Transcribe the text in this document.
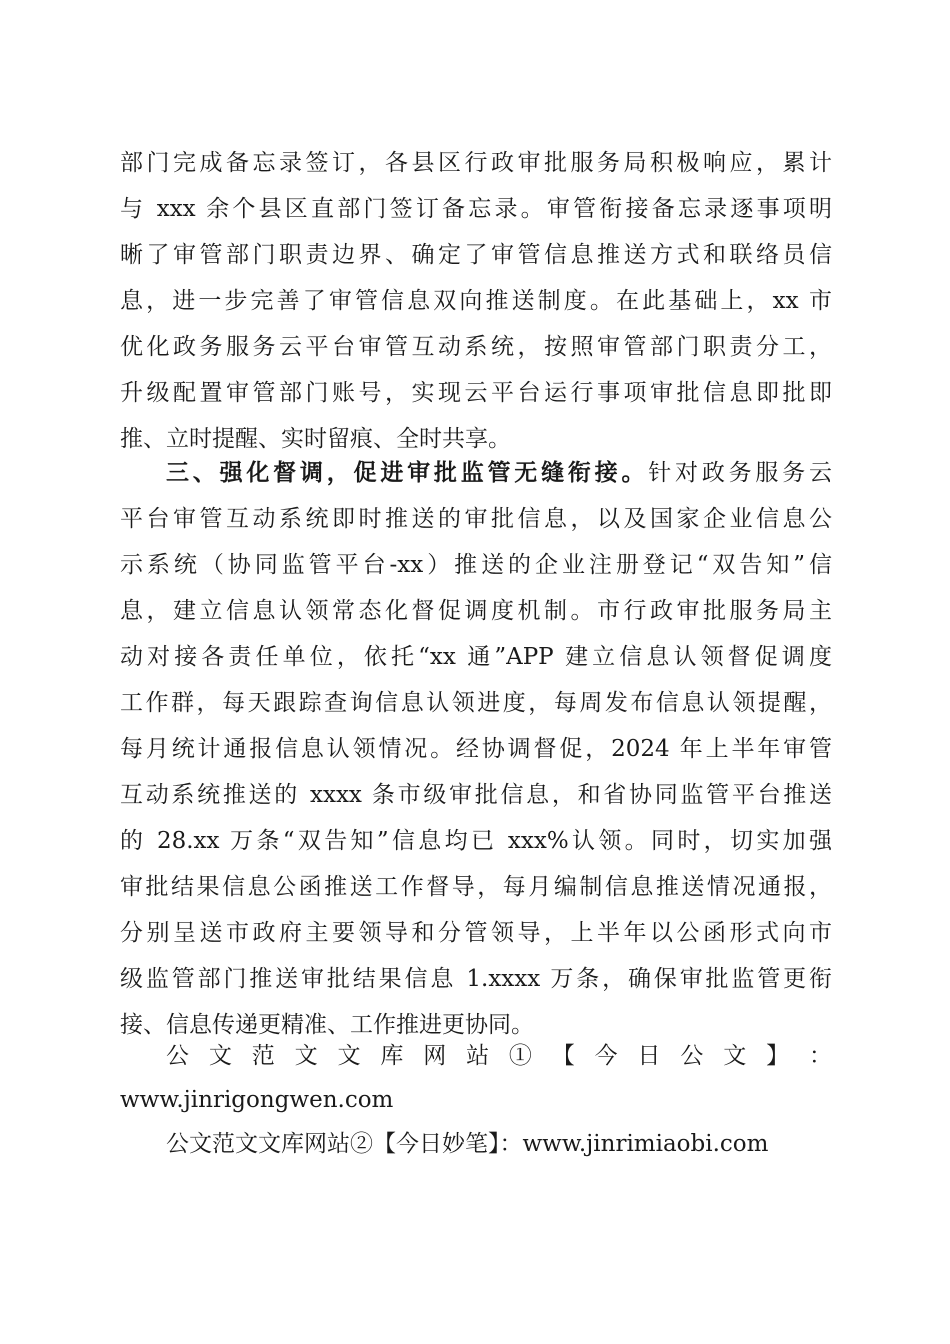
部门完成备忘录签订，各县区行政审批服务局积极响应，累计
与 xxx 余个县区直部门签订备忘录。审管衔接备忘录逐事项明
晰了审管部门职责边界、确定了审管信息推送方式和联络员信
息，进一步完善了审管信息双向推送制度。在此基础上，xx 市
优化政务服务云平台审管互动系统，按照审管部门职责分工，
升级配置审管部门账号，实现云平台运行事项审批信息即批即
推、立时提醒、实时留痕、全时共享。
三、强化督调，促进审批监管无缝衔接。针对政务服务云
平台审管互动系统即时推送的审批信息，以及国家企业信息公
示系统（协同监管平台-xx）推送的企业注册登记“双告知”信
息，建立信息认领常态化督促调度机制。市行政审批服务局主
动对接各责任单位，依托“xx 通”APP 建立信息认领督促调度
工作群，每天跟踪查询信息认领进度，每周发布信息认领提醒，
每月统计通报信息认领情况。经协调督促，2024 年上半年审管
互动系统推送的 xxxx 条市级审批信息，和省协同监管平台推送
的 28.xx 万条“双告知”信息均已 xxx%认领。同时，切实加强
审批结果信息公函推送工作督导，每月编制信息推送情况通报，
分别呈送市政府主要领导和分管领导，上半年以公函形式向市
级监管部门推送审批结果信息 1.xxxx 万条，确保审批监管更衔
接、信息传递更精准、工作推进更协同。
公 文 范 文 文 库 网 站 ① 【 今 日 公 文 】 ：
www.jinrigongwen.com
公文范文文库网站②【今日妙笔】：www.jinrimiaobi.com
